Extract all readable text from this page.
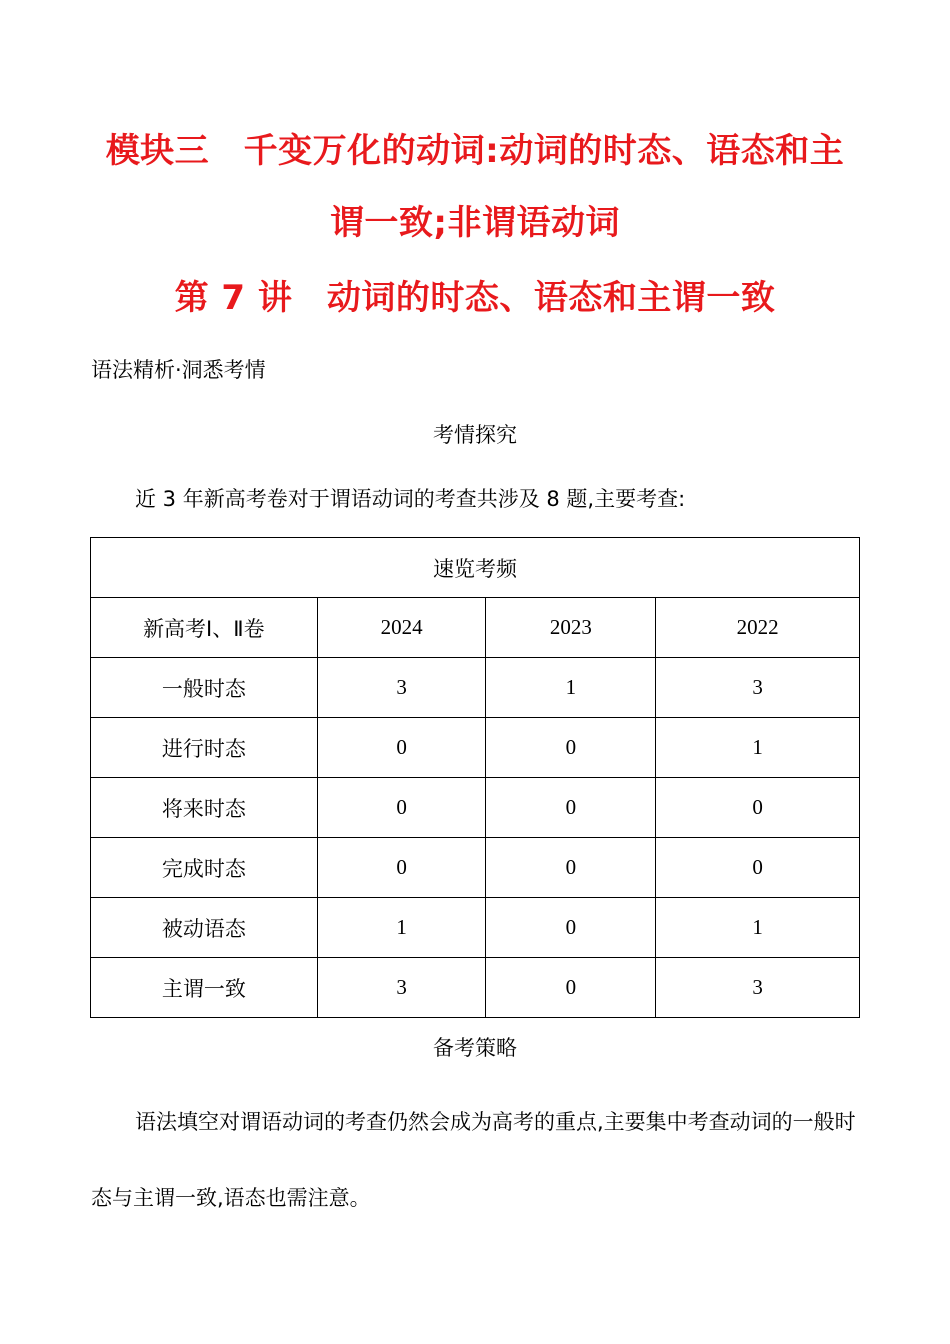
模块三　千变万化的动词:动词的时态、语态和主
谓一致;非谓语动词
第 7 讲　动词的时态、语态和主谓一致
语法精析·洞悉考情
考情探究
近 3 年新高考卷对于谓语动词的考查共涉及 8 题,主要考查:
速览考频			
新高考Ⅰ、Ⅱ卷	2024	2023	2022
一般时态	3	1	3
进行时态	0	0	1
将来时态	0	0	0
完成时态	0	0	0
被动语态	1	0	1
主谓一致	3	0	3
备考策略
语法填空对谓语动词的考查仍然会成为高考的重点,主要集中考查动词的一般时态与主谓一致,语态也需注意。
